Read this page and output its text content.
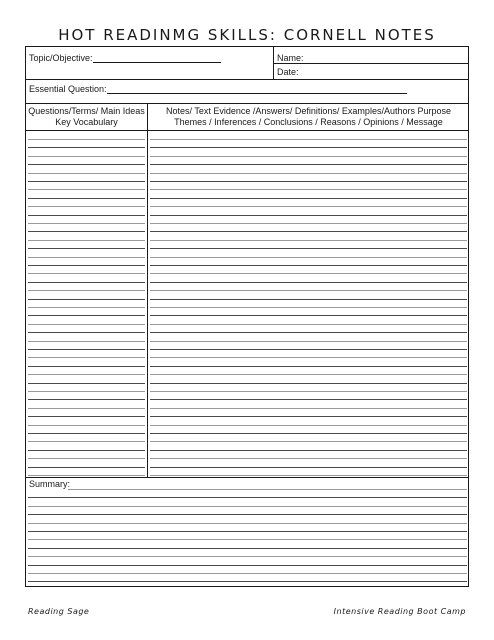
HOT READINMG SKILLS: CORNELL NOTES
Topic/Objective:	Name:
Date:
Essential Question:
Questions/Terms/ Main Ideas
Key Vocabulary
Notes/ Text Evidence /Answers/ Definitions/ Examples/Authors Purpose
Themes / Inferences / Conclusions / Reasons / Opinions / Message
Summary:
Reading Sage	Intensive Reading Boot Camp
